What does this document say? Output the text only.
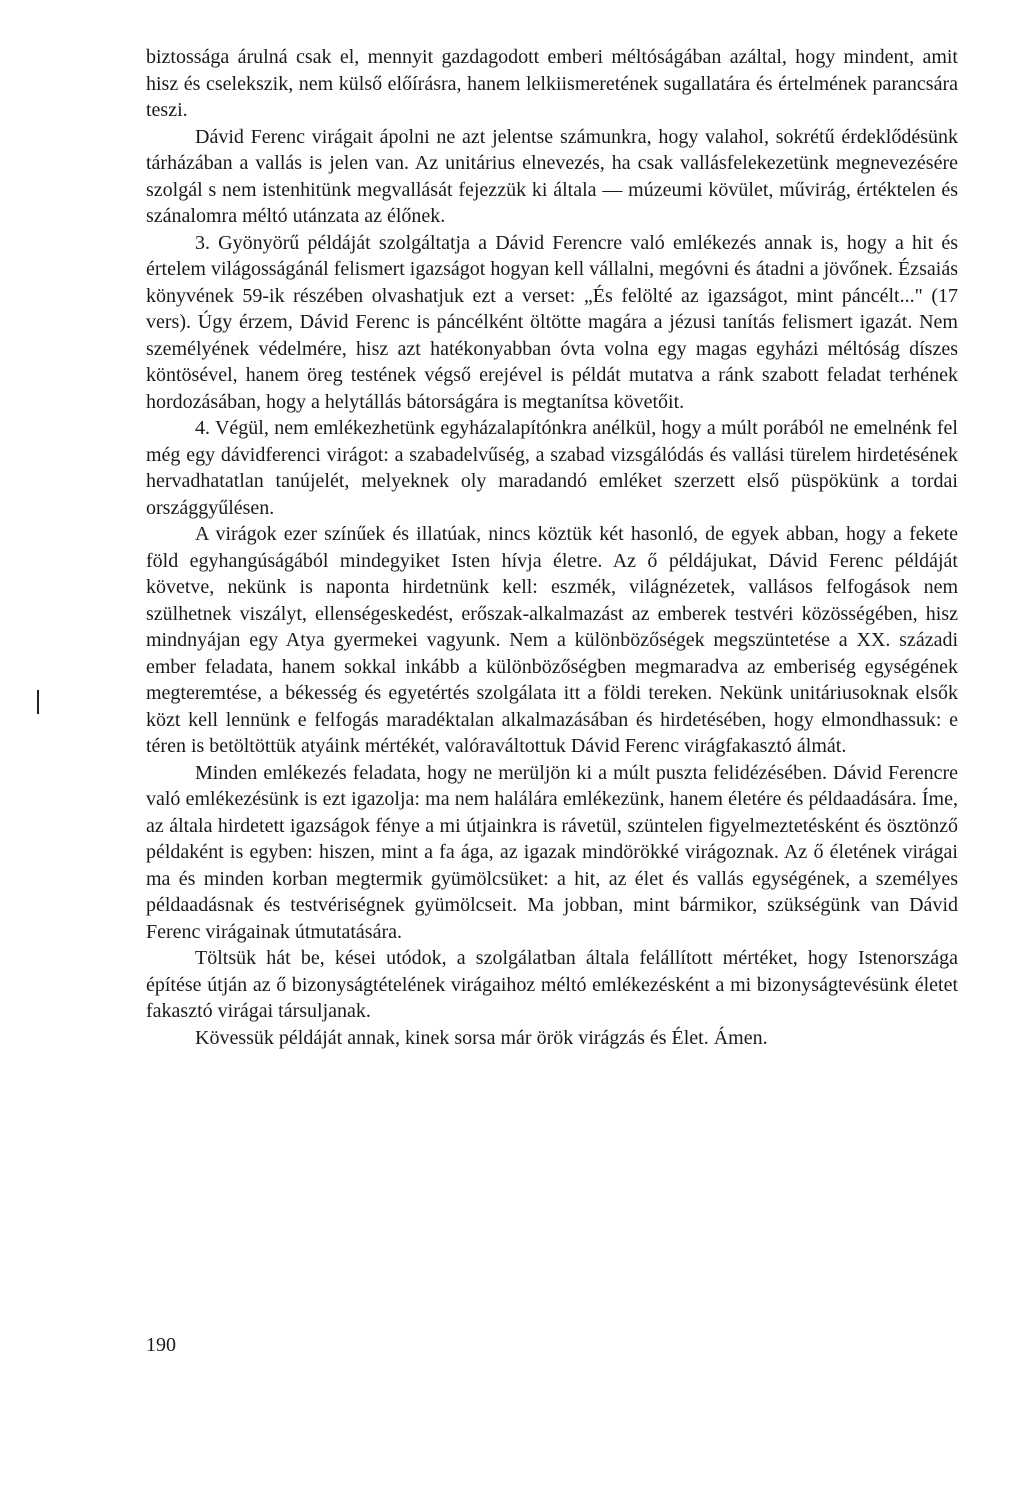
biztossága árulná csak el, mennyit gazdagodott emberi méltóságában azáltal, hogy mindent, amit hisz és cselekszik, nem külső előírásra, hanem lelkiismeretének sugallatára és értelmének parancsára teszi.

Dávid Ferenc virágait ápolni ne azt jelentse számunkra, hogy valahol, sokrétű érdeklődésünk tárházában a vallás is jelen van. Az unitárius elnevezés, ha csak vallásfelekezetünk megnevezésére szolgál s nem istenhitünk megvallását fejezzük ki általa — múzeumi kövület, művirág, értéktelen és szánalomra méltó utánzata az élőnek.

3. Gyönyörű példáját szolgáltatja a Dávid Ferencre való emlékezés annak is, hogy a hit és értelem világosságánál felismert igazságot hogyan kell vállalni, megóvni és átadni a jövőnek. Ézsaiás könyvének 59-ik részében olvashatjuk ezt a verset: „És felölté az igazságot, mint páncélt..." (17 vers). Úgy érzem, Dávid Ferenc is páncélként öltötte magára a jézusi tanítás felismert igazát. Nem személyének védelmére, hisz azt hatékonyabban óvta volna egy magas egyházi méltóság díszes köntösével, hanem öreg testének végső erejével is példát mutatva a ránk szabott feladat terhének hordozásában, hogy a helytállás bátorságára is megtanítsa követőit.

4. Végül, nem emlékezhetünk egyházalapítónkra anélkül, hogy a múlt porából ne emelnénk fel még egy dávidferenci virágot: a szabadelvűség, a szabad vizsgálódás és vallási türelem hirdetésének hervadhatatlan tanújelét, melyeknek oly maradandó emléket szerzett első püspökünk a tordai országgyűlésen.

A virágok ezer színűek és illatúak, nincs köztük két hasonló, de egyek abban, hogy a fekete föld egyhangúságából mindegyiket Isten hívja életre. Az ő példájukat, Dávid Ferenc példáját követve, nekünk is naponta hirdetnünk kell: eszmék, világnézetek, vallásos felfogások nem szülhetnek viszályt, ellenségeskedést, erőszak-alkalmazást az emberek testvéri közösségében, hisz mindnyájan egy Atya gyermekei vagyunk. Nem a különbözőségek megszüntetése a XX. századi ember feladata, hanem sokkal inkább a különbözőségben megmaradva az emberiség egységének megteremtése, a békesség és egyetértés szolgálata itt a földi tereken. Nekünk unitáriusoknak elsők közt kell lennünk e felfogás maradéktalan alkalmazásában és hirdetésében, hogy elmondhassuk: e téren is betöltöttük atyáink mértékét, valóraváltottuk Dávid Ferenc virágfakasztó álmát.

Minden emlékezés feladata, hogy ne merüljön ki a múlt puszta felidézésében. Dávid Ferencre való emlékezésünk is ezt igazolja: ma nem halálára emlékezünk, hanem életére és példaadására. Íme, az általa hirdetett igazságok fénye a mi útjainkra is rávetül, szüntelen figyelmeztetésként és ösztönző példaként is egyben: hiszen, mint a fa ága, az igazak mindörökké virágoznak. Az ő életének virágai ma és minden korban megtermik gyümölcsüket: a hit, az élet és vallás egységének, a személyes példaadásnak és testvériségnek gyümölcseit. Ma jobban, mint bármikor, szükségünk van Dávid Ferenc virágainak útmutatására.

Töltsük hát be, kései utódok, a szolgálatban általa felállított mértéket, hogy Istenországa építése útján az ő bizonyságtételének virágaihoz méltó emlékezésként a mi bizonyságtevésünk életet fakasztó virágai társuljanak.

Kövessük példáját annak, kinek sorsa már örök virágzás és Élet. Ámen.

190
